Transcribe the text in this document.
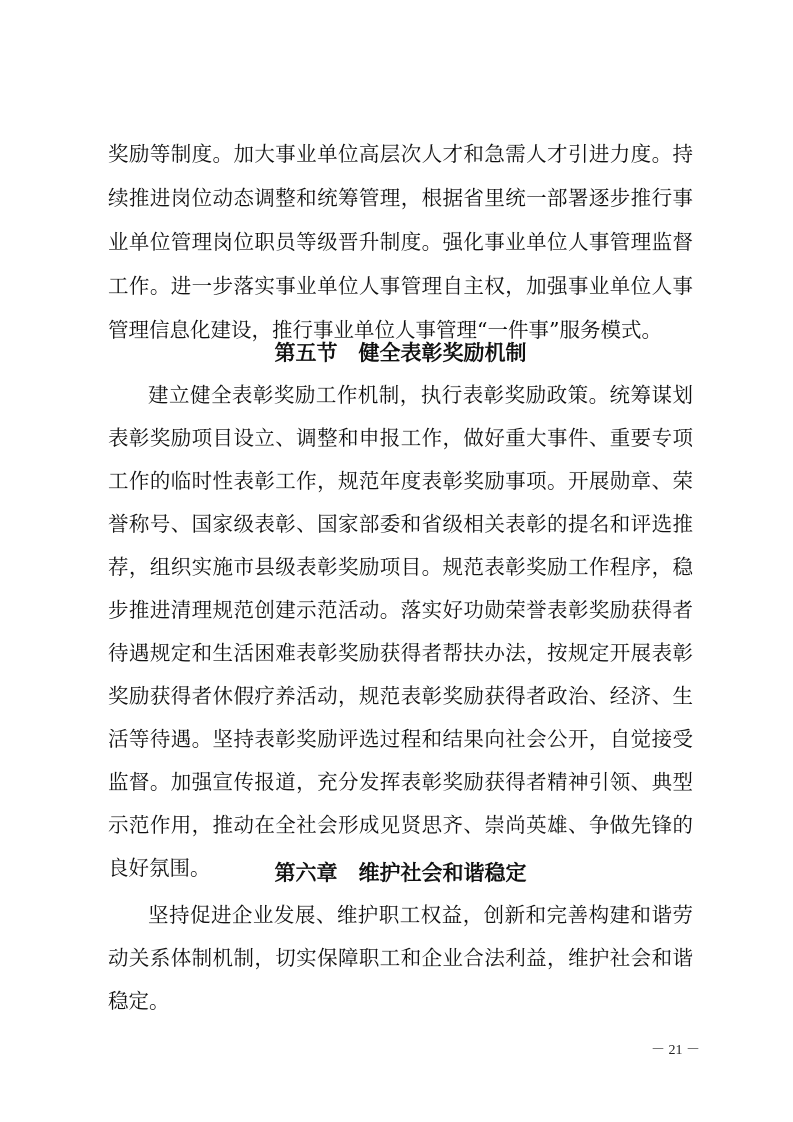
奖励等制度。加大事业单位高层次人才和急需人才引进力度。持
续推进岗位动态调整和统筹管理，根据省里统一部署逐步推行事
业单位管理岗位职员等级晋升制度。强化事业单位人事管理监督
工作。进一步落实事业单位人事管理自主权，加强事业单位人事
管理信息化建设，推行事业单位人事管理“一件事”服务模式。
第五节　健全表彰奖励机制
建立健全表彰奖励工作机制，执行表彰奖励政策。统筹谋划
表彰奖励项目设立、调整和申报工作，做好重大事件、重要专项
工作的临时性表彰工作，规范年度表彰奖励事项。开展勋章、荣
誉称号、国家级表彰、国家部委和省级相关表彰的提名和评选推
荐，组织实施市县级表彰奖励项目。规范表彰奖励工作程序，稳
步推进清理规范创建示范活动。落实好功勋荣誉表彰奖励获得者
待遇规定和生活困难表彰奖励获得者帮扶办法，按规定开展表彰
奖励获得者休假疗养活动，规范表彰奖励获得者政治、经济、生
活等待遇。坚持表彰奖励评选过程和结果向社会公开，自觉接受
监督。加强宣传报道，充分发挥表彰奖励获得者精神引领、典型
示范作用，推动在全社会形成见贤思齐、崇尚英雄、争做先锋的
良好氛围。	第六章　维护社会和谐稳定
坚持促进企业发展、维护职工权益，创新和完善构建和谐劳
动关系体制机制，切实保障职工和企业合法利益，维护社会和谐
稳定。
－ 21 －
